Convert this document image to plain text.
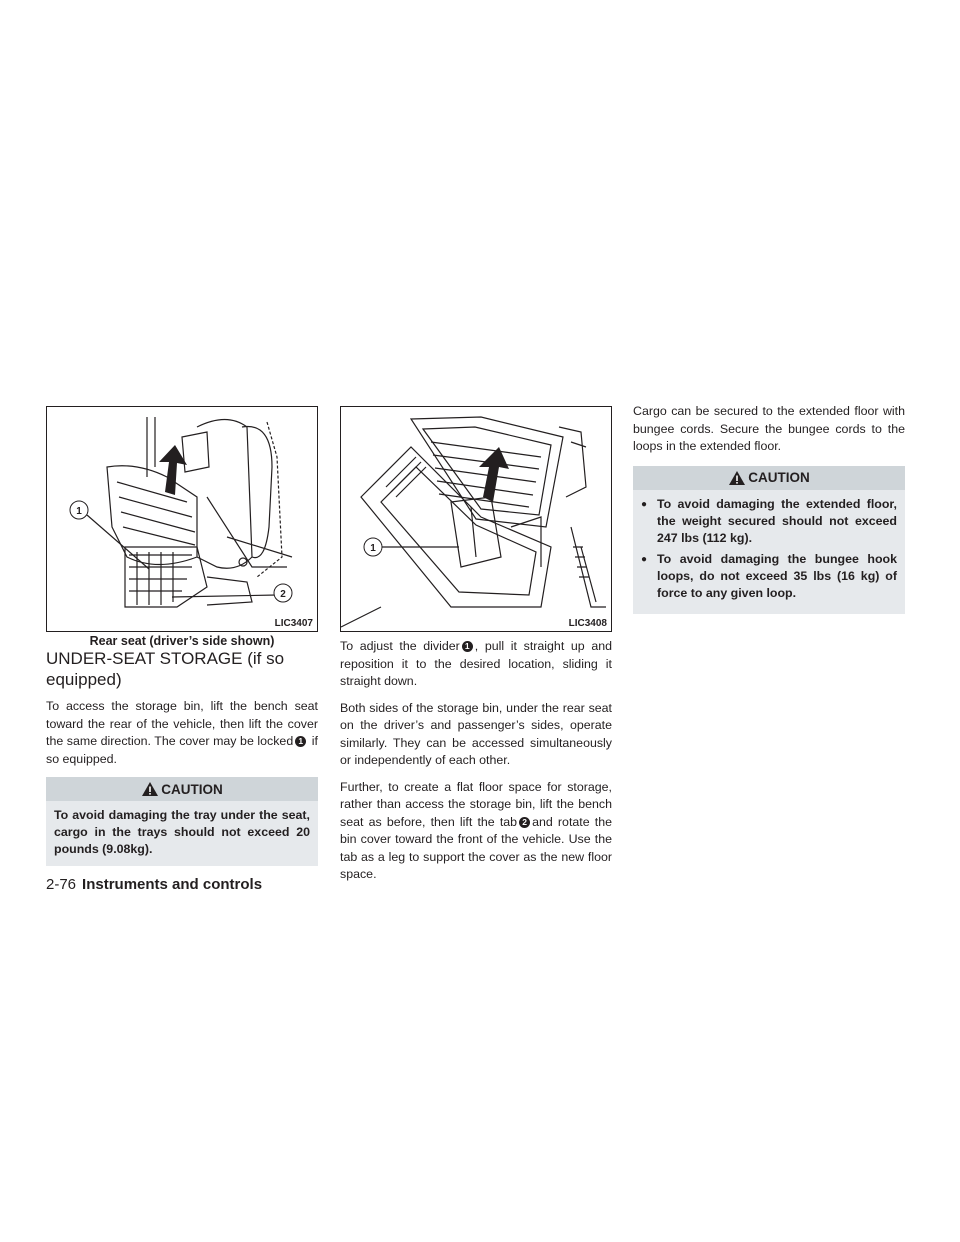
1
2
LIC3407
Rear seat (driver’s side shown)
UNDER-SEAT STORAGE (if so equipped)

To access the storage bin, lift the bench seat toward the rear of the vehicle, then lift the cover the same direction. The cover may be locked 1 if so equipped.

CAUTION
To avoid damaging the tray under the seat, cargo in the trays should not exceed 20 pounds (9.08kg).
1
LIC3408

To adjust the divider 1 , pull it straight up and reposition it to the desired location, sliding it straight down.

Both sides of the storage bin, under the rear seat on the driver’s and passenger’s sides, operate similarly. They can be accessed simultaneously or independently of each other.

Further, to create a flat floor space for storage, rather than access the storage bin, lift the bench seat as before, then lift the tab 2 and rotate the bin cover toward the front of the vehicle. Use the tab as a leg to support the cover as the new floor space.

Cargo can be secured to the extended floor with bungee cords. Secure the bungee cords to the loops in the extended floor.

CAUTION
● To avoid damaging the extended floor, the weight secured should not exceed 247 lbs (112 kg).
● To avoid damaging the bungee hook loops, do not exceed 35 lbs (16 kg) of force to any given loop.
2-76 Instruments and controls
